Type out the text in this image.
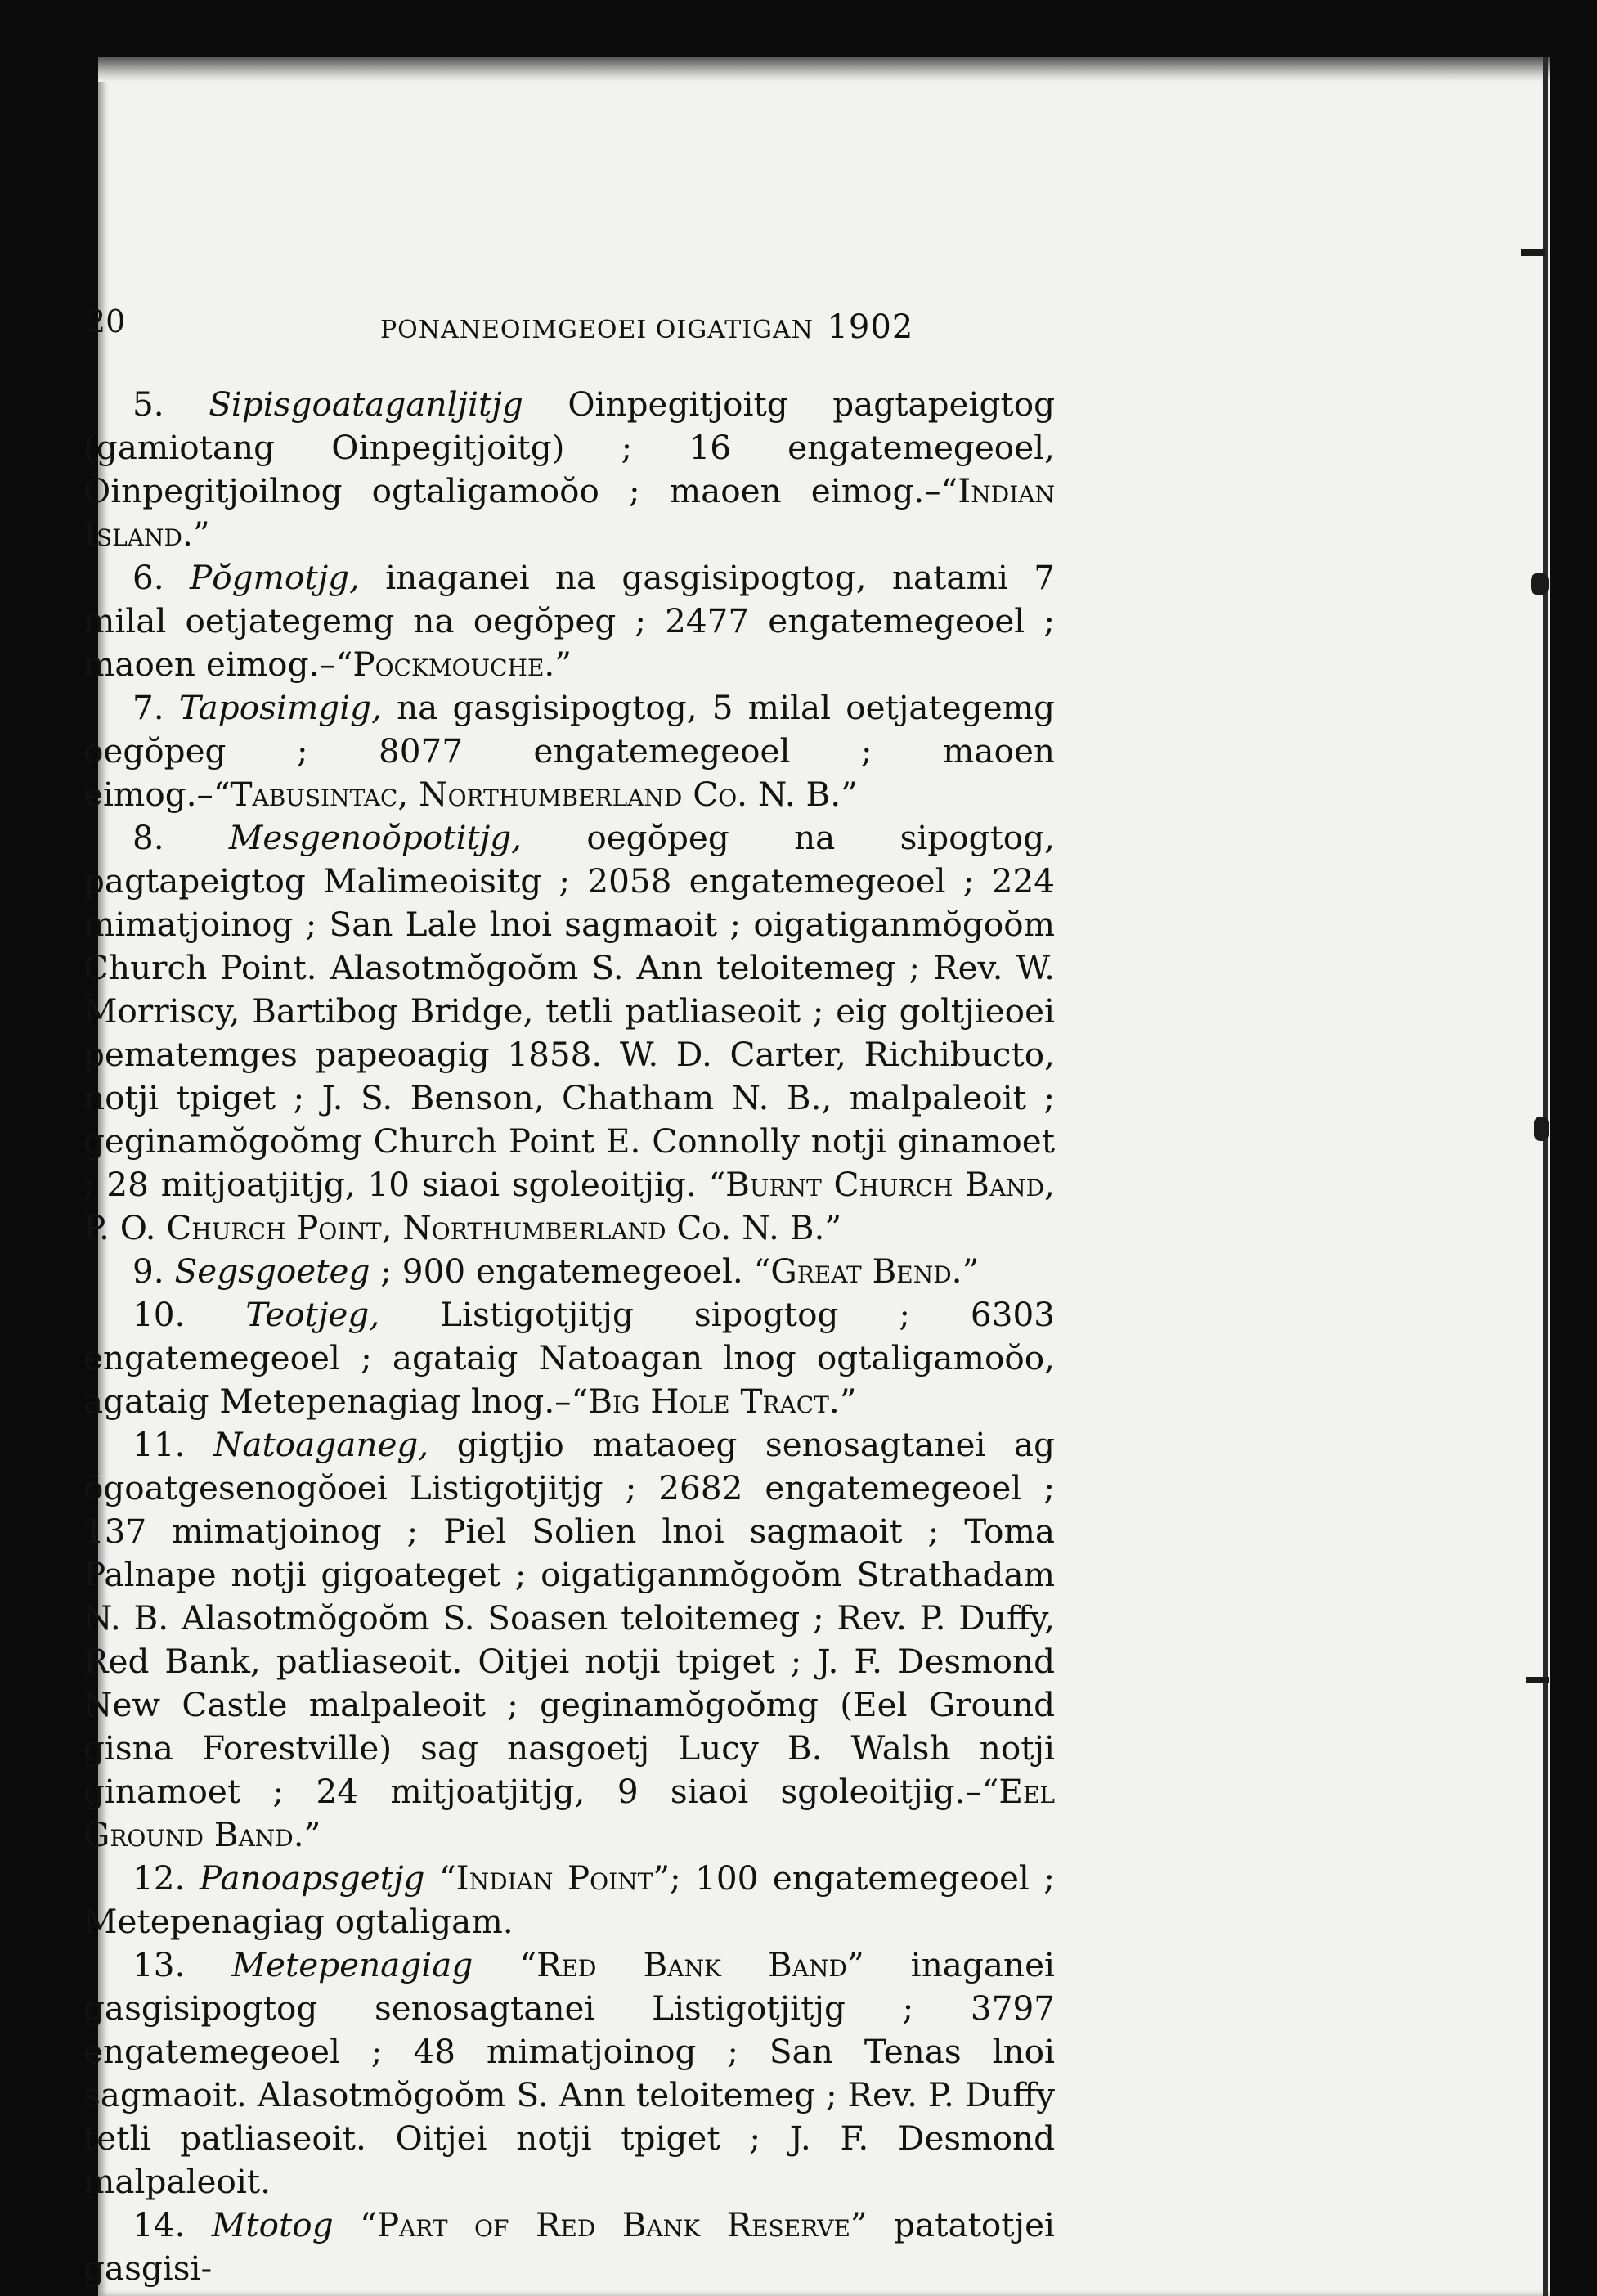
20	PONANEOIMGEOEI OIGATIGAN 1902

5. Sipisgoataganljitjg Oinpegitjoitg pagtapeigtog (gamiotang Oinpegitjoitg) ; 16 engatemegeoel, Oinpegitjoilnog ogtaligamoŏo ; maoen eimog.–“Indian Island.”

6. Pŏgmotjg, inaganei na gasgisipogtog, natami 7 milal oetjategemg na oegŏpeg ; 2477 engatemegeoel ; maoen eimog.–“Pockmouche.”

7. Taposimgig, na gasgisipogtog, 5 milal oetjategemg oegŏpeg ; 8077 engatemegeoel ; maoen eimog.–“Tabusintac, Northumberland Co. N. B.”

8. Mesgenoŏpotitjg, oegŏpeg na sipogtog, pagtapeigtog Malimeoisitg ; 2058 engatemegeoel ; 224 mimatjoinog ; San Lale lnoi sagmaoit ; oigatiganmŏgoŏm Church Point. Alasotmŏgoŏm S. Ann teloitemeg ; Rev. W. Morriscy, Bartibog Bridge, tetli patliaseoit ; eig goltjieoei pematemges papeoagig 1858. W. D. Carter, Richibucto, notji tpiget ; J. S. Benson, Chatham N. B., malpaleoit ; geginamŏgoŏmg Church Point E. Connolly notji ginamoet ; 28 mitjoatjitjg, 10 siaoi sgoleoitjig. “Burnt Church Band, P. O. Church Point, Northumberland Co. N. B.”

9. Segsgoeteg ; 900 engatemegeoel. “Great Bend.”

10. Teotjeg, Listigotjitjg sipogtog ; 6303 engatemegeoel ; agataig Natoagan lnog ogtaligamoŏo, agataig Metepenagiag lnog.–“Big Hole Tract.”

11. Natoaganeg, gigtjio mataoeg senosagtanei ag ŏgoatgesenogŏoei Listigotjitjg ; 2682 engatemegeoel ; 137 mimatjoinog ; Piel Solien lnoi sagmaoit ; Toma Palnape notji gigoateget ; oigatiganmŏgoŏm Strathadam N. B. Alasotmŏgoŏm S. Soasen teloitemeg ; Rev. P. Duffy, Red Bank, patliaseoit. Oitjei notji tpiget ; J. F. Desmond New Castle malpaleoit ; geginamŏgoŏmg (Eel Ground gisna Forestville) sag nasgoetj Lucy B. Walsh notji ginamoet ; 24 mitjoatjitjg, 9 siaoi sgoleoitjig.–“Eel Ground Band.”

12. Panoapsgetjg “Indian Point”; 100 engatemegeoel ; Metepenagiag ogtaligam.

13. Metepenagiag “Red Bank Band” inaganei gasgisipogtog senosagtanei Listigotjitjg ; 3797 engatemegeoel ; 48 mimatjoinog ; San Tenas lnoi sagmaoit. Alasotmŏgoŏm S. Ann teloitemeg ; Rev. P. Duffy tetli patliaseoit. Oitjei notji tpiget ; J. F. Desmond malpaleoit.

14. Mtotog “Part of Red Bank Reserve” patatotjei gasgisi-
